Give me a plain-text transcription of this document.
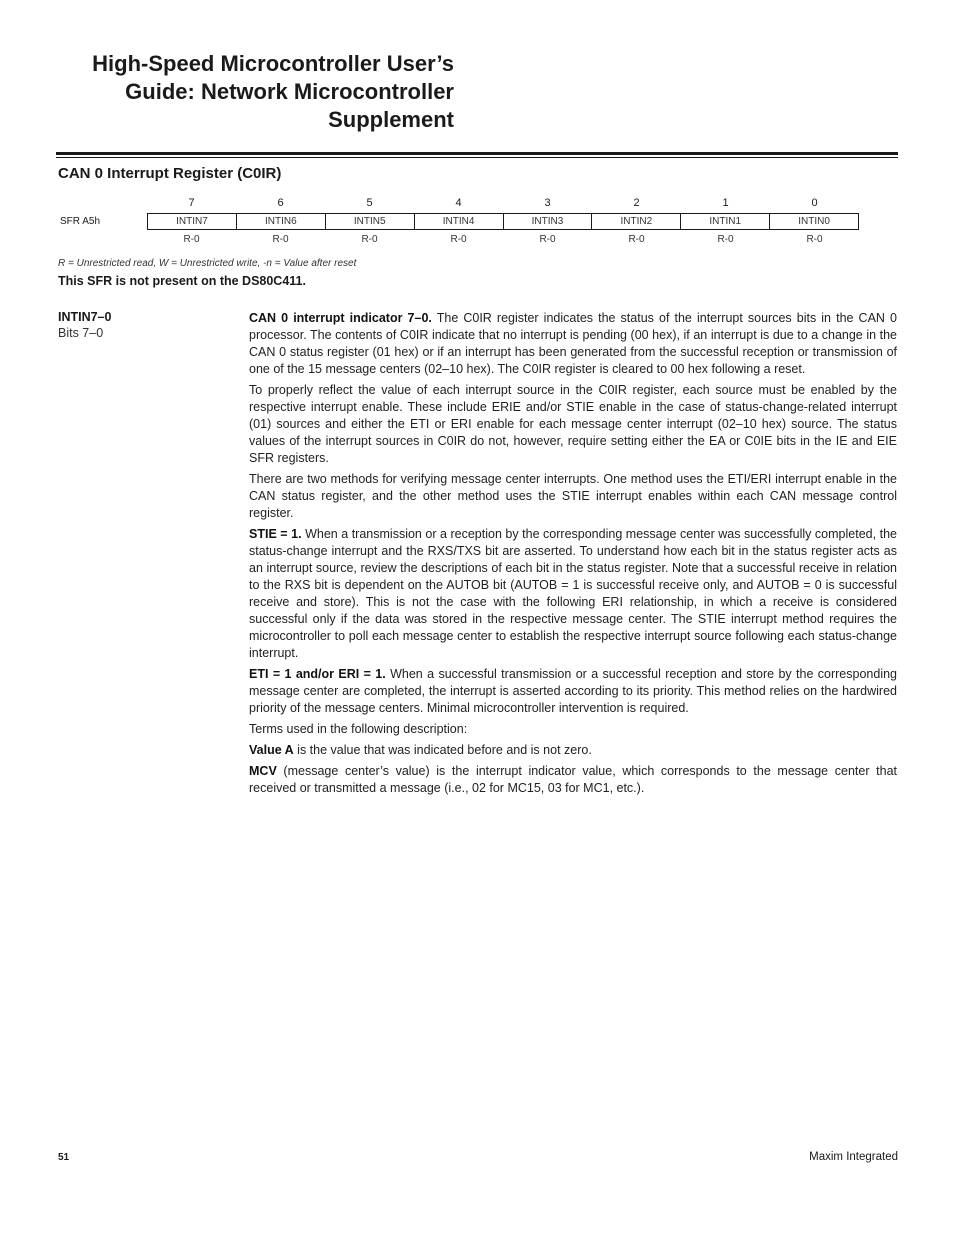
High-Speed Microcontroller User’s
Guide: Network Microcontroller
Supplement
CAN 0 Interrupt Register (C0IR)
7	6	5	4	3	2	1	0
SFR A5h	INTIN7	INTIN6	INTIN5	INTIN4	INTIN3	INTIN2	INTIN1	INTIN0
R-0	R-0	R-0	R-0	R-0	R-0	R-0	R-0
R = Unrestricted read, W = Unrestricted write, -n = Value after reset
This SFR is not present on the DS80C411.
INTIN7–0
Bits 7–0

CAN 0 interrupt indicator 7–0. The C0IR register indicates the status of the interrupt sources bits in the CAN 0 processor. The contents of C0IR indicate that no interrupt is pending (00 hex), if an interrupt is due to a change in the CAN 0 status register (01 hex) or if an interrupt has been generated from the successful reception or transmission of one of the 15 message centers (02–10 hex). The C0IR register is cleared to 00 hex following a reset.

To properly reflect the value of each interrupt source in the C0IR register, each source must be enabled by the respective interrupt enable. These include ERIE and/or STIE enable in the case of status-change-related interrupt (01) sources and either the ETI or ERI enable for each message center interrupt (02–10 hex) source. The status values of the interrupt sources in C0IR do not, however, require setting either the EA or C0IE bits in the IE and EIE SFR registers.

There are two methods for verifying message center interrupts. One method uses the ETI/ERI interrupt enable in the CAN status register, and the other method uses the STIE interrupt enables within each CAN message control register.

STIE = 1. When a transmission or a reception by the corresponding message center was successfully completed, the status-change interrupt and the RXS/TXS bit are asserted. To understand how each bit in the status register acts as an interrupt source, review the descriptions of each bit in the status register. Note that a successful receive in relation to the RXS bit is dependent on the AUTOB bit (AUTOB = 1 is successful receive only, and AUTOB = 0 is successful receive and store). This is not the case with the following ERI relationship, in which a receive is considered successful only if the data was stored in the respective message center. The STIE interrupt method requires the microcontroller to poll each message center to establish the respective interrupt source following each status-change interrupt.

ETI = 1 and/or ERI = 1. When a successful transmission or a successful reception and store by the corresponding message center are completed, the interrupt is asserted according to its priority. This method relies on the hardwired priority of the message centers. Minimal microcontroller intervention is required.

Terms used in the following description:

Value A is the value that was indicated before and is not zero.

MCV (message center’s value) is the interrupt indicator value, which corresponds to the message center that received or transmitted a message (i.e., 02 for MC15, 03 for MC1, etc.).

51	Maxim Integrated
